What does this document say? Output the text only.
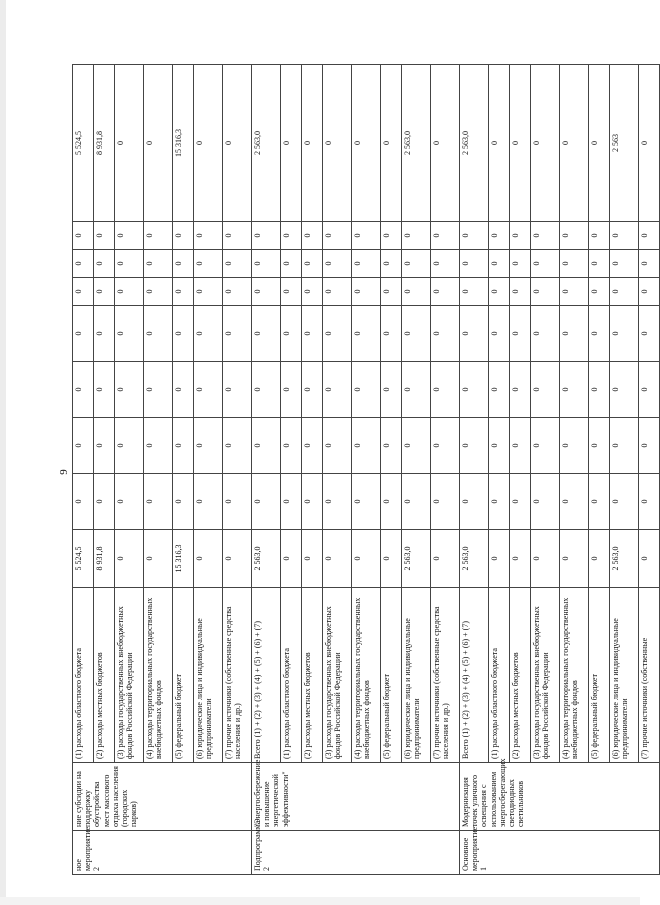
9
ное мероприятие 2	ние субсидии на поддержку обустройства мест массового отдыха населения (городских парков)	(1) расходы областного бюджета	5 524,5	0	0	0	0	0	0	0	5 524,5
		(2) расходы местных бюджетов	8 931,8	0	0	0	0	0	0	0	8 931,8
		(3) расходы государственных внебюджетных фондов Российской Федерации	0	0	0	0	0	0	0	0	0
		(4) расходы территориальных государственных внебюджетных фондов	0	0	0	0	0	0	0	0	0
		(5) федеральный бюджет	15 316,3	0	0	0	0	0	0	0	15 316,3
		(6) юридические лица и индивидуальные предприниматели	0	0	0	0	0	0	0	0	0
		(7) прочие источники (собственные средства населения и др.)	0	0	0	0	0	0	0	0	0
Подпрограмма 2	"Энергосбережение и повышение энергетической эффективности"	Всего (1) + (2) + (3) + (4) + (5) + (6) + (7)	2 563,0	0	0	0	0	0	0	0	2 563,0
		(1) расходы областного бюджета	0	0	0	0	0	0	0	0	0
		(2) расходы местных бюджетов	0	0	0	0	0	0	0	0	0
		(3) расходы государственных внебюджетных фондов Российской Федерации	0	0	0	0	0	0	0	0	0
		(4) расходы территориальных государственных внебюджетных фондов	0	0	0	0	0	0	0	0	0
		(5) федеральный бюджет	0	0	0	0	0	0	0	0	0
		(6) юридические лица и индивидуальные предприниматели	2 563,0	0	0	0	0	0	0	0	2 563,0
		(7) прочие источники (собственные средства населения и др.)	0	0	0	0	0	0	0	0	0
Основное мероприятие 1	Модернизация точек уличного освещения с использованием энергосберегающих светодиодных светильников	Всего (1) + (2) + (3) + (4) + (5) + (6) + (7)	2 563,0	0	0	0	0	0	0	0	2 563,0
		(1) расходы областного бюджета	0	0	0	0	0	0	0	0	0
		(2) расходы местных бюджетов	0	0	0	0	0	0	0	0	0
		(3) расходы государственных внебюджетных фондов Российской Федерации	0	0	0	0	0	0	0	0	0
		(4) расходы территориальных государственных внебюджетных фондов	0	0	0	0	0	0	0	0	0
		(5) федеральный бюджет	0	0	0	0	0	0	0	0	0
		(6) юридические лица и индивидуальные предприниматели	2 563,0	0	0	0	0	0	0	0	2 563
		(7) прочие источники (собственные	0	0	0	0	0	0	0	0	0
